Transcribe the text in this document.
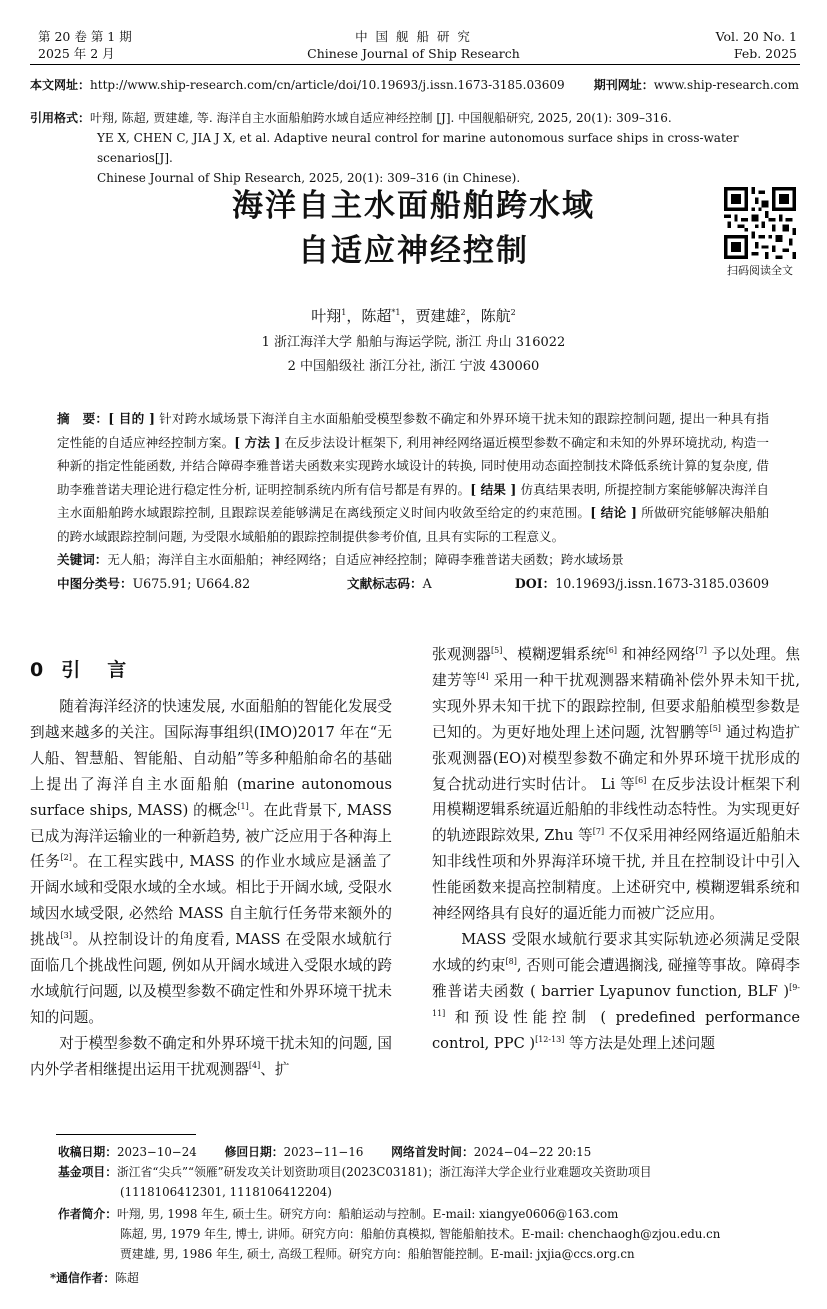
第 20 卷 第 1 期
2025 年 2 月
中 国 舰 船 研 究
Chinese Journal of Ship Research
Vol. 20 No. 1
Feb. 2025
本文网址：http://www.ship-research.com/cn/article/doi/10.19693/j.issn.1673-3185.03609 期刊网址：www.ship-research.com
引用格式：叶翔, 陈超, 贾建雄, 等. 海洋自主水面船舶跨水域自适应神经控制 [J]. 中国舰船研究, 2025, 20(1): 309–316.
YE X, CHEN C, JIA J X, et al. Adaptive neural control for marine autonomous surface ships in cross-water scenarios[J].
Chinese Journal of Ship Research, 2025, 20(1): 309–316 (in Chinese).
海洋自主水面船舶跨水域
自适应神经控制
扫码阅读全文
叶翔$^1$，陈超$^{*1}$，贾建雄$^2$，陈航$^2$
1 浙江海洋大学 船舶与海运学院, 浙江 舟山 316022
2 中国船级社 浙江分社, 浙江 宁波 430060
摘　要：[ 目的 ] 针对跨水域场景下海洋自主水面船舶受模型参数不确定和外界环境干扰未知的跟踪控制问题, 提出一种具有指定性能的自适应神经控制方案。[ 方法 ] 在反步法设计框架下, 利用神经网络逼近模型参数不确定和未知的外界环境扰动, 构造一种新的指定性能函数, 并结合障碍李雅普诺夫函数来实现跨水域设计的转换, 同时使用动态面控制技术降低系统计算的复杂度, 借助李雅普诺夫理论进行稳定性分析, 证明控制系统内所有信号都是有界的。[ 结果 ] 仿真结果表明, 所提控制方案能够解决海洋自主水面船舶跨水域跟踪控制, 且跟踪误差能够满足在离线预定义时间内收敛至给定的约束范围。[ 结论 ] 所做研究能够解决船舶的跨水域跟踪控制问题, 为受限水域船舶的跟踪控制提供参考价值, 且具有实际的工程意义。
关键词：无人船；海洋自主水面船舶；神经网络；自适应神经控制；障碍李雅普诺夫函数；跨水域场景
中图分类号：U675.91; U664.82	文献标志码：A	DOI：10.19693/j.issn.1673-3185.03609
0 引　言

随着海洋经济的快速发展, 水面船舶的智能化发展受到越来越多的关注。国际海事组织(IMO)2017 年在“无人船、智慧船、智能船、自动船”等多种船舶命名的基础上提出了海洋自主水面船舶 (marine autonomous surface ships, MASS) 的概念[1]。在此背景下, MASS 已成为海洋运输业的一种新趋势, 被广泛应用于各种海上任务[2]。在工程实践中, MASS 的作业水域应是涵盖了开阔水域和受限水域的全水域。相比于开阔水域, 受限水域因水域受限, 必然给 MASS 自主航行任务带来额外的挑战[3]。从控制设计的角度看, MASS 在受限水域航行面临几个挑战性问题, 例如从开阔水域进入受限水域的跨水域航行问题, 以及模型参数不确定性和外界环境干扰未知的问题。

对于模型参数不确定和外界环境干扰未知的问题, 国内外学者相继提出运用干扰观测器[4]、扩

张观测器[5]、模糊逻辑系统[6] 和神经网络[7] 予以处理。焦建芳等[4] 采用一种干扰观测器来精确补偿外界未知干扰, 实现外界未知干扰下的跟踪控制, 但要求船舶模型参数是已知的。为更好地处理上述问题, 沈智鹏等[5] 通过构造扩张观测器(EO)对模型参数不确定和外界环境干扰形成的复合扰动进行实时估计。 Li 等[6] 在反步法设计框架下利用模糊逻辑系统逼近船舶的非线性动态特性。为实现更好的轨迹跟踪效果, Zhu 等[7] 不仅采用神经网络逼近船舶未知非线性项和外界海洋环境干扰, 并且在控制设计中引入性能函数来提高控制精度。上述研究中, 模糊逻辑系统和神经网络具有良好的逼近能力而被广泛应用。

MASS 受限水域航行要求其实际轨迹必须满足受限水域的约束[8], 否则可能会遭遇搁浅, 碰撞等事故。障碍李雅普诺夫函数 ( barrier Lyapunov function, BLF )[9-11] 和预设性能控制 ( predefined performance control, PPC )[12-13] 等方法是处理上述问题

收稿日期：2023−10−24 修回日期：2023−11−16 网络首发时间：2024−04−22 20:15
基金项目：浙江省“尖兵”“领雁”研发攻关计划资助项目(2023C03181)；浙江海洋大学企业行业难题攻关资助项目
(1118106412301, 1118106412204)
作者简介：叶翔, 男, 1998 年生, 硕士生。研究方向：船舶运动与控制。E-mail: xiangye0606@163.com
陈超, 男, 1979 年生, 博士, 讲师。研究方向：船舶仿真模拟, 智能船舶技术。E-mail: chenchaogh@zjou.edu.cn
贾建雄, 男, 1986 年生, 硕士, 高级工程师。研究方向：船舶智能控制。E-mail: jxjia@ccs.org.cn
*通信作者：陈超
